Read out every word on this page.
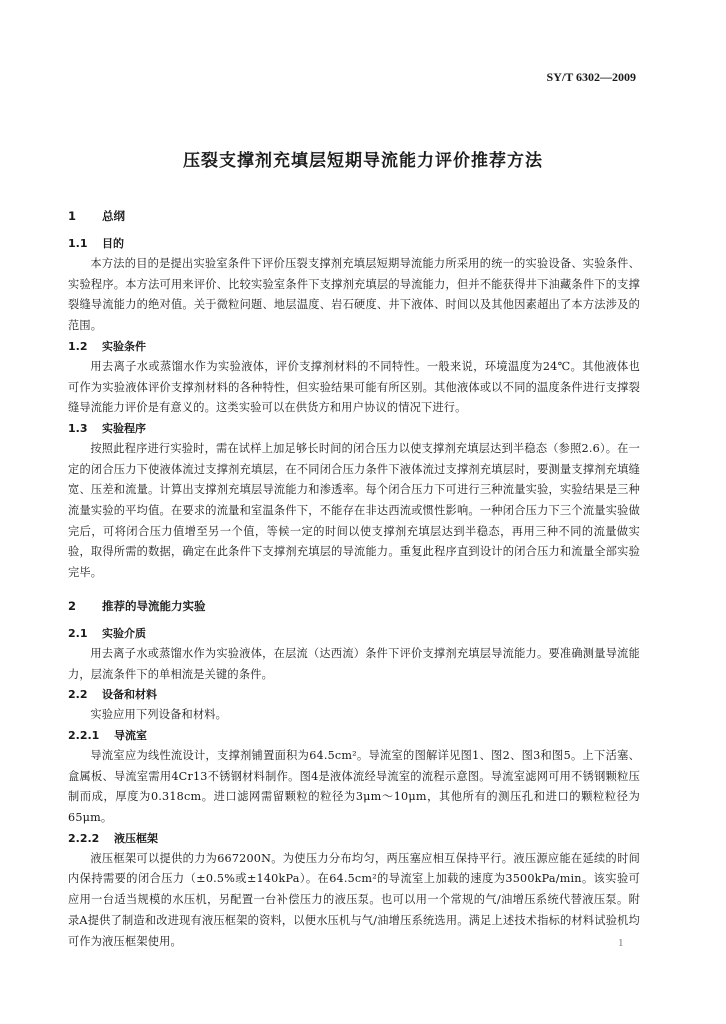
SY/T 6302—2009
压裂支撑剂充填层短期导流能力评价推荐方法
1 总纲
1.1 目的

本方法的目的是提出实验室条件下评价压裂支撑剂充填层短期导流能力所采用的统一的实验设备、实验条件、实验程序。本方法可用来评价、比较实验室条件下支撑剂充填层的导流能力，但并不能获得井下油藏条件下的支撑裂缝导流能力的绝对值。关于微粒问题、地层温度、岩石硬度、井下液体、时间以及其他因素超出了本方法涉及的范围。

1.2 实验条件

用去离子水或蒸馏水作为实验液体，评价支撑剂材料的不同特性。一般来说，环境温度为24℃。其他液体也可作为实验液体评价支撑剂材料的各种特性，但实验结果可能有所区别。其他液体或以不同的温度条件进行支撑裂缝导流能力评价是有意义的。这类实验可以在供货方和用户协议的情况下进行。

1.3 实验程序

按照此程序进行实验时，需在试样上加足够长时间的闭合压力以使支撑剂充填层达到半稳态（参照2.6）。在一定的闭合压力下使液体流过支撑剂充填层，在不同闭合压力条件下液体流过支撑剂充填层时，要测量支撑剂充填缝宽、压差和流量。计算出支撑剂充填层导流能力和渗透率。每个闭合压力下可进行三种流量实验，实验结果是三种流量实验的平均值。在要求的流量和室温条件下，不能存在非达西流或惯性影响。一种闭合压力下三个流量实验做完后，可将闭合压力值增至另一个值，等候一定的时间以使支撑剂充填层达到半稳态，再用三种不同的流量做实验，取得所需的数据，确定在此条件下支撑剂充填层的导流能力。重复此程序直到设计的闭合压力和流量全部实验完毕。

2 推荐的导流能力实验
2.1 实验介质

用去离子水或蒸馏水作为实验液体，在层流（达西流）条件下评价支撑剂充填层导流能力。要准确测量导流能力，层流条件下的单相流是关键的条件。

2.2 设备和材料

实验应用下列设备和材料。

2.2.1 导流室

导流室应为线性流设计，支撑剂铺置面积为64.5cm²。导流室的图解详见图1、图2、图3和图5。上下活塞、盒属板、导流室需用4Cr13不锈钢材料制作。图4是液体流经导流室的流程示意图。导流室滤网可用不锈钢颗粒压制而成，厚度为0.318cm。进口滤网需留颗粒的粒径为3μm～10μm，其他所有的测压孔和进口的颗粒粒径为65μm。

2.2.2 液压框架

液压框架可以提供的力为667200N。为使压力分布均匀，两压塞应相互保持平行。液压源应能在延续的时间内保持需要的闭合压力（±0.5%或±140kPa）。在64.5cm²的导流室上加载的速度为3500kPa/min。该实验可应用一台适当规模的水压机，另配置一台补偿压力的液压泵。也可以用一个常规的气/油增压系统代替液压泵。附录A提供了制造和改进现有液压框架的资料，以便水压机与气/油增压系统选用。满足上述技术指标的材料试验机均可作为液压框架使用。	1
